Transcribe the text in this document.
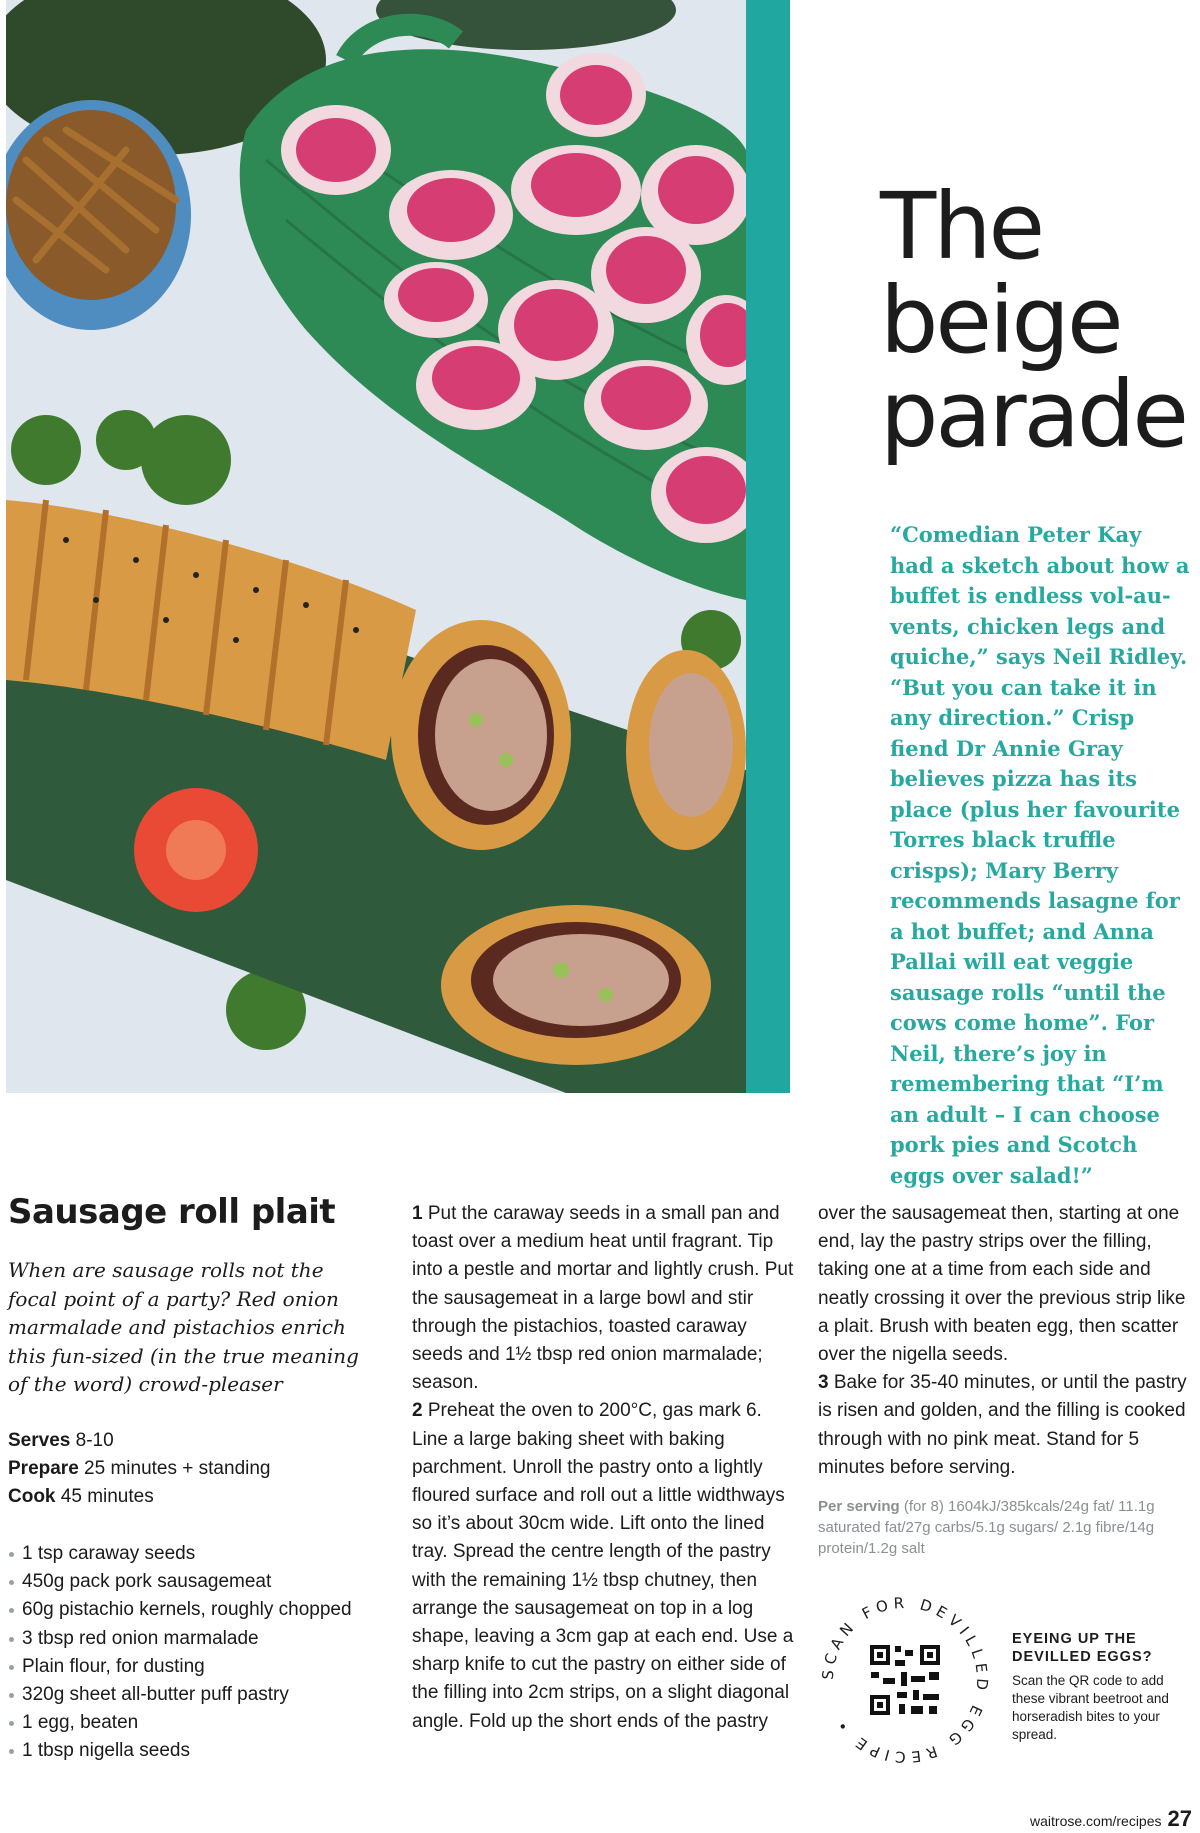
The
beige
parade

“Comedian Peter Kay had a sketch about how a buffet is endless vol-au-vents, chicken legs and quiche,” says Neil Ridley. “But you can take it in any direction.” Crisp fiend Dr Annie Gray believes pizza has its place (plus her favourite Torres black truffle crisps); Mary Berry recommends lasagne for a hot buffet; and Anna Pallai will eat veggie sausage rolls “until the cows come home”. For Neil, there’s joy in remembering that “I’m an adult – I can choose pork pies and Scotch eggs over salad!”

Sausage roll plait

When are sausage rolls not the focal point of a party? Red onion marmalade and pistachios enrich this fun-sized (in the true meaning of the word) crowd-pleaser

Serves 8-10
Prepare 25 minutes + standing
Cook 45 minutes
1 tsp caraway seeds
450g pack pork sausagemeat
60g pistachio kernels, roughly chopped
3 tbsp red onion marmalade
Plain flour, for dusting
320g sheet all-butter puff pastry
1 egg, beaten
1 tbsp nigella seeds

1 Put the caraway seeds in a small pan and toast over a medium heat until fragrant. Tip into a pestle and mortar and lightly crush. Put the sausagemeat in a large bowl and stir through the pistachios, toasted caraway seeds and 1½ tbsp red onion marmalade; season.

2 Preheat the oven to 200°C, gas mark 6. Line a large baking sheet with baking parchment. Unroll the pastry onto a lightly floured surface and roll out a little widthways so it’s about 30cm wide. Lift onto the lined tray. Spread the centre length of the pastry with the remaining 1½ tbsp chutney, then arrange the sausagemeat on top in a log shape, leaving a 3cm gap at each end. Use a sharp knife to cut the pastry on either side of the filling into 2cm strips, on a slight diagonal angle. Fold up the short ends of the pastry

over the sausagemeat then, starting at one end, lay the pastry strips over the filling, taking one at a time from each side and neatly crossing it over the previous strip like a plait. Brush with beaten egg, then scatter over the nigella seeds.

3 Bake for 35-40 minutes, or until the pastry is risen and golden, and the filling is cooked through with no pink meat. Stand for 5 minutes before serving.

Per serving (for 8) 1604kJ/385kcals/24g fat/ 11.1g saturated fat/27g carbs/5.1g sugars/ 2.1g fibre/14g protein/1.2g salt

SCAN FOR DEVILLED EGG RECIPE •
EYEING UP THE DEVILLED EGGS?
Scan the QR code to add these vibrant beetroot and horseradish bites to your spread.
waitrose.com/recipes 27
